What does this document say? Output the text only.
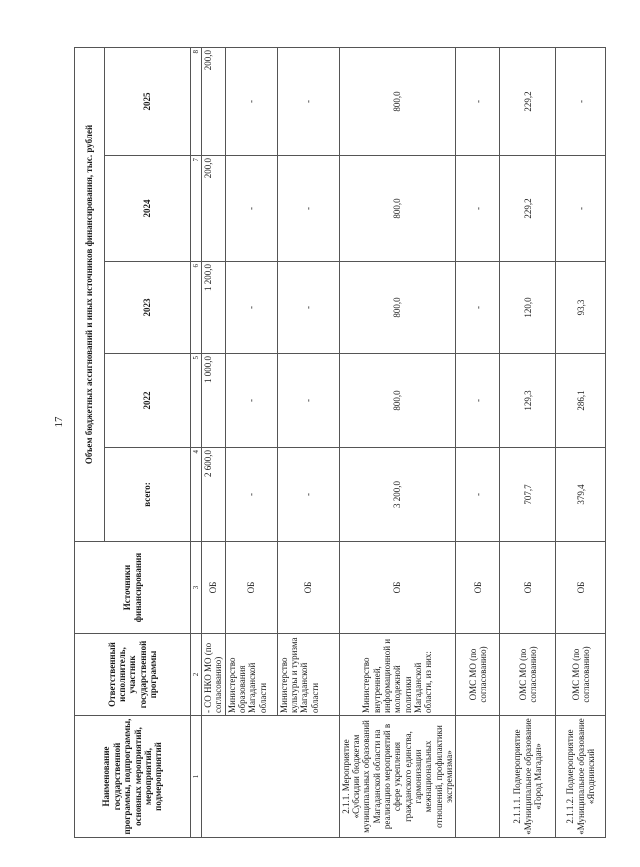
17
Наименование государственной программы, подпрограммы, основных мероприятий, мероприятий, подмероприятий	Ответственный исполнитель, участник государственной программы	Источники финансирования	Объем бюджетных ассигнований и иных источников финансирования, тыс. рублей				
			всего:	2022	2023	2024	2025
1	2	3	4	5	6	7	8
	- СО НКО МО (по согласованию)	ОБ	2 600,0	1 000,0	1 200,0	200,0	200,0
	Министерство образования Магаданской области	ОБ	-	-	-	-	-
	Министерство культуры и туризма Магаданской области	ОБ	-	-	-	-	-
2.1.1. Мероприятие «Субсидии бюджетам муниципальных образований Магаданской области на реализацию мероприятий в сфере укрепления гражданского единства, гармонизации межнациональных отношений, профилактики экстремизма»	Министерство внутренней, информационной и молодежной политики Магаданской области, из них:	ОБ	3 200,0	800,0	800,0	800,0	800,0
	ОМС МО (по согласованию)	ОБ	-	-	-	-	-
2.1.1.1. Подмероприятие «Муниципальное образование «Город Магадан»	ОМС МО (по согласованию)	ОБ	707,7	129,3	120,0	229,2	229,2
2.1.1.2. Подмероприятие «Муниципальное образование «Ягоднинский	ОМС МО (по согласованию)	ОБ	379,4	286,1	93,3	-	-
